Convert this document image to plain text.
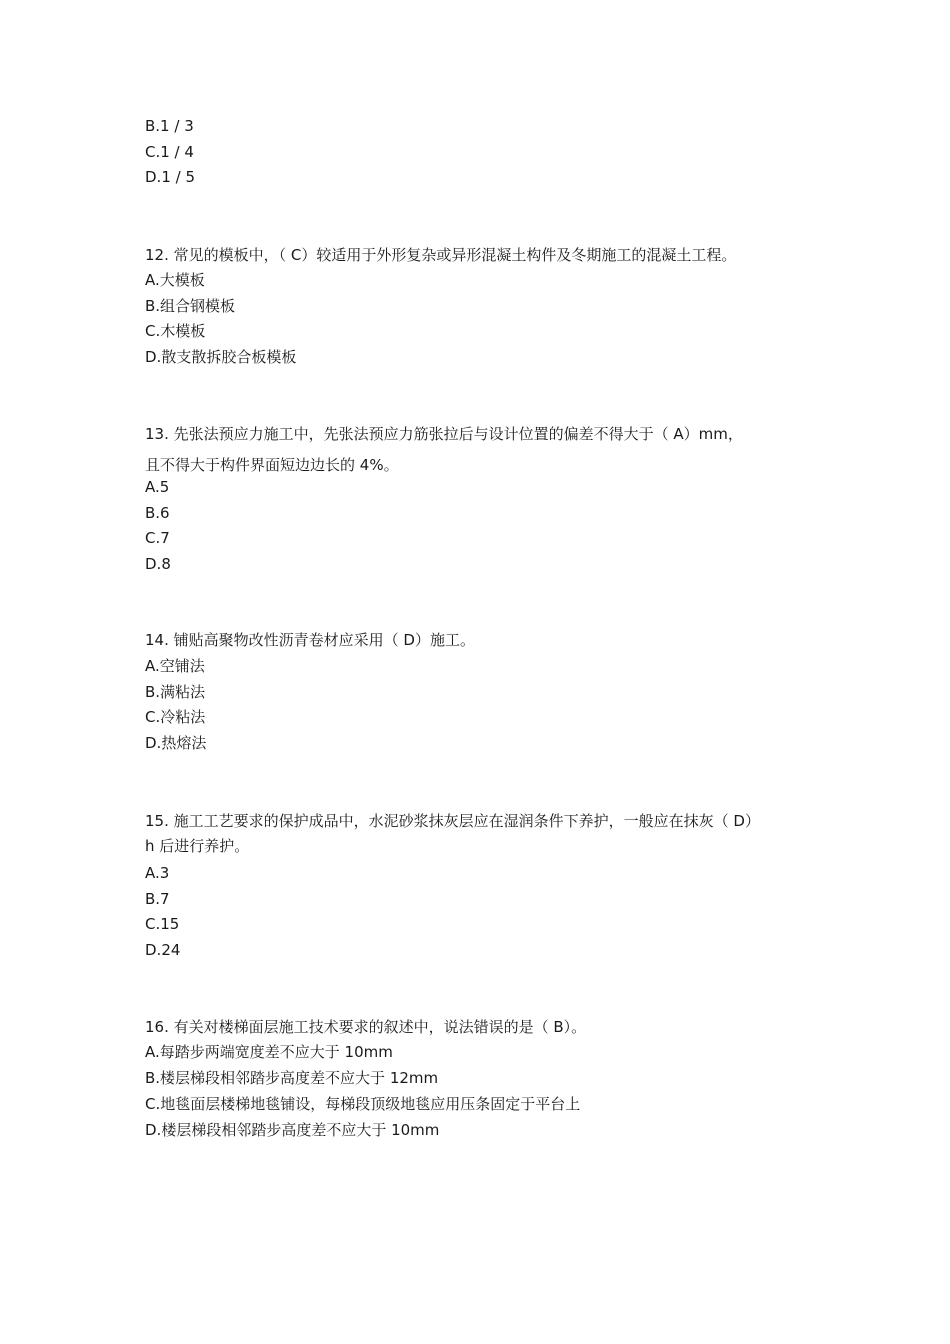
B.1 / 3
C.1 / 4
D.1 / 5
12. 常见的模板中，（ C）较适用于外形复杂或异形混凝土构件及冬期施工的混凝土工程。
A.大模板
B.组合钢模板
C.木模板
D.散支散拆胶合板模板
13. 先张法预应力施工中，先张法预应力筋张拉后与设计位置的偏差不得大于（ A）mm，
且不得大于构件界面短边边长的 4%。
A.5
B.6
C.7
D.8
14. 铺贴高聚物改性沥青卷材应采用（ D）施工。
A.空铺法
B.满粘法
C.冷粘法
D.热熔法
15. 施工工艺要求的保护成品中，水泥砂浆抹灰层应在湿润条件下养护，一般应在抹灰（ D）
h 后进行养护。
A.3
B.7
C.15
D.24
16. 有关对楼梯面层施工技术要求的叙述中，说法错误的是（ B）。
A.每踏步两端宽度差不应大于 10mm
B.楼层梯段相邻踏步高度差不应大于 12mm
C.地毯面层楼梯地毯铺设，每梯段顶级地毯应用压条固定于平台上
D.楼层梯段相邻踏步高度差不应大于 10mm
